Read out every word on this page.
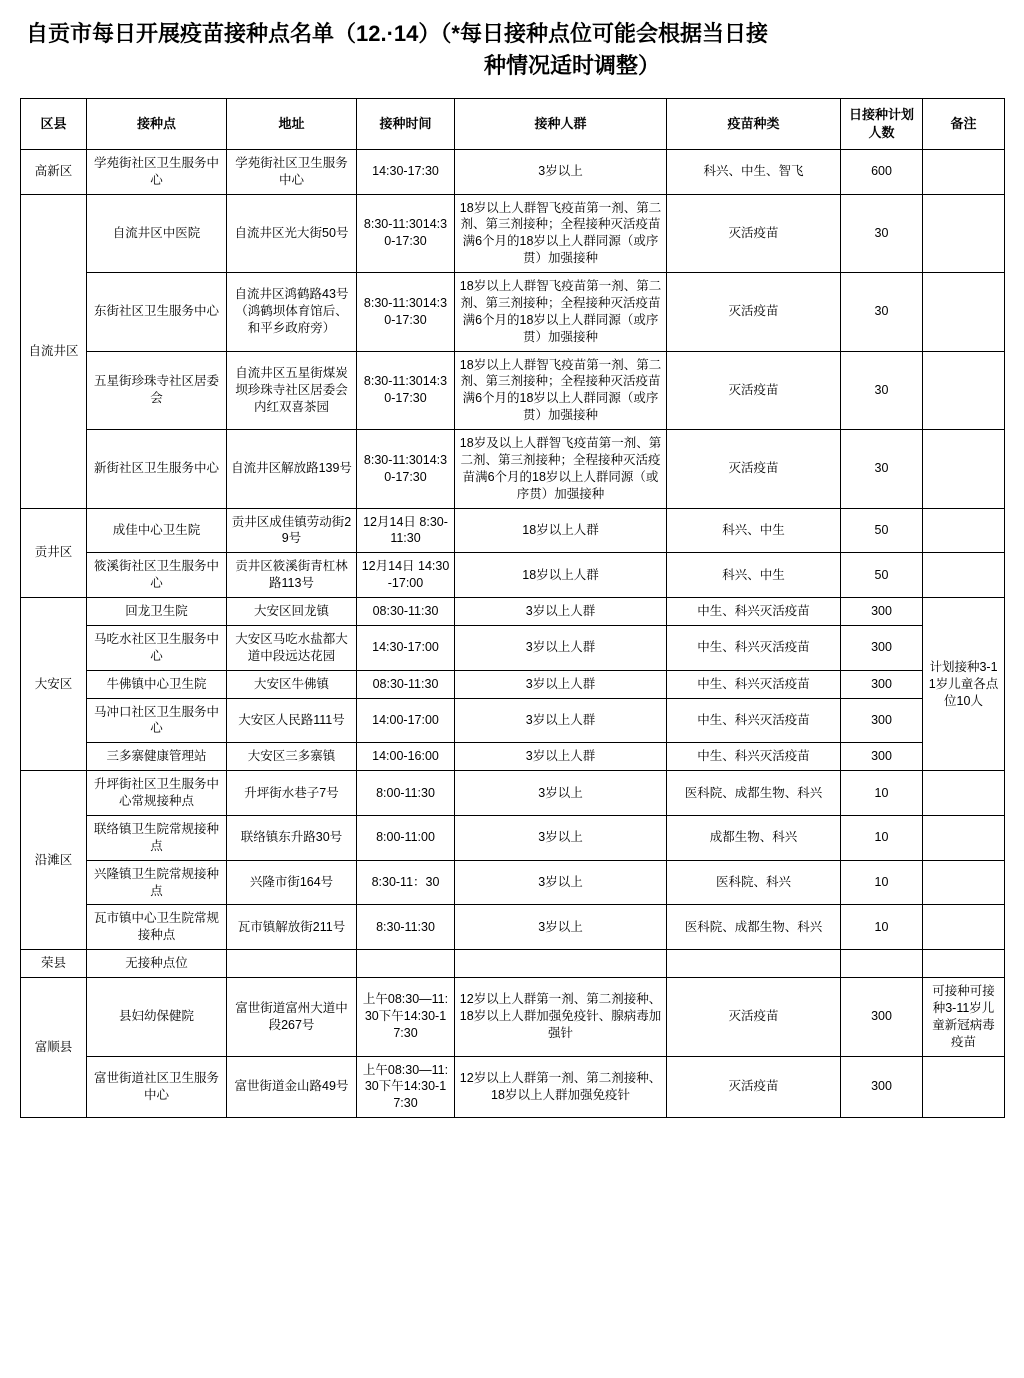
自贡市每日开展疫苗接种点名单（12.·14）（*每日接种点位可能会根据当日接
种情况适时调整）
区县	接种点	地址	接种时间	接种人群	疫苗种类	日接种计划人数	备注
高新区	学苑街社区卫生服务中心	学苑街社区卫生服务中心	14:30-17:30	3岁以上	科兴、中生、智飞	600	
自流井区	自流井区中医院	自流井区光大街50号	8:30-11:3014:30-17:30	18岁以上人群智飞疫苗第一剂、第二剂、第三剂接种；全程接种灭活疫苗满6个月的18岁以上人群同源（或序贯）加强接种	灭活疫苗	30	
	东街社区卫生服务中心	自流井区鸿鹤路43号（鸿鹤坝体育馆后、和平乡政府旁）	8:30-11:3014:30-17:30	18岁以上人群智飞疫苗第一剂、第二剂、第三剂接种；全程接种灭活疫苗满6个月的18岁以上人群同源（或序贯）加强接种	灭活疫苗	30	
	五星街珍珠寺社区居委会	自流井区五星街煤炭坝珍珠寺社区居委会内红双喜茶园	8:30-11:3014:30-17:30	18岁以上人群智飞疫苗第一剂、第二剂、第三剂接种；全程接种灭活疫苗满6个月的18岁以上人群同源（或序贯）加强接种	灭活疫苗	30	
	新街社区卫生服务中心	自流井区解放路139号	8:30-11:3014:30-17:30	18岁及以上人群智飞疫苗第一剂、第二剂、第三剂接种；全程接种灭活疫苗满6个月的18岁以上人群同源（或序贯）加强接种	灭活疫苗	30	
贡井区	成佳中心卫生院	贡井区成佳镇劳动街29号	12月14日 8:30-11:30	18岁以上人群	科兴、中生	50	
	筱溪街社区卫生服务中心	贡井区筱溪街青杠林路113号	12月14日 14:30-17:00	18岁以上人群	科兴、中生	50	
大安区	回龙卫生院	大安区回龙镇	08:30-11:30	3岁以上人群	中生、科兴灭活疫苗	300	计划接种3-11岁儿童各点位10人
	马吃水社区卫生服务中心	大安区马吃水盐都大道中段远达花园	14:30-17:00	3岁以上人群	中生、科兴灭活疫苗	300	
	牛佛镇中心卫生院	大安区牛佛镇	08:30-11:30	3岁以上人群	中生、科兴灭活疫苗	300	
	马冲口社区卫生服务中心	大安区人民路111号	14:00-17:00	3岁以上人群	中生、科兴灭活疫苗	300	
	三多寨健康管理站	大安区三多寨镇	14:00-16:00	3岁以上人群	中生、科兴灭活疫苗	300	
沿滩区	升坪街社区卫生服务中心常规接种点	升坪街水巷子7号	8:00-11:30	3岁以上	医科院、成都生物、科兴	10	
	联络镇卫生院常规接种点	联络镇东升路30号	8:00-11:00	3岁以上	成都生物、科兴	10	
	兴隆镇卫生院常规接种点	兴隆市街164号	8:30-11：30	3岁以上	医科院、科兴	10	
	瓦市镇中心卫生院常规接种点	瓦市镇解放街211号	8:30-11:30	3岁以上	医科院、成都生物、科兴	10	
荣县	无接种点位						
富顺县	县妇幼保健院	富世街道富州大道中段267号	上午08:30—11:30下午14:30-17:30	12岁以上人群第一剂、第二剂接种、18岁以上人群加强免疫针、腺病毒加强针	灭活疫苗	300	可接种可接种3-11岁儿童新冠病毒疫苗
	富世街道社区卫生服务中心	富世街道金山路49号	上午08:30—11:30下午14:30-17:30	12岁以上人群第一剂、第二剂接种、18岁以上人群加强免疫针	灭活疫苗	300	
